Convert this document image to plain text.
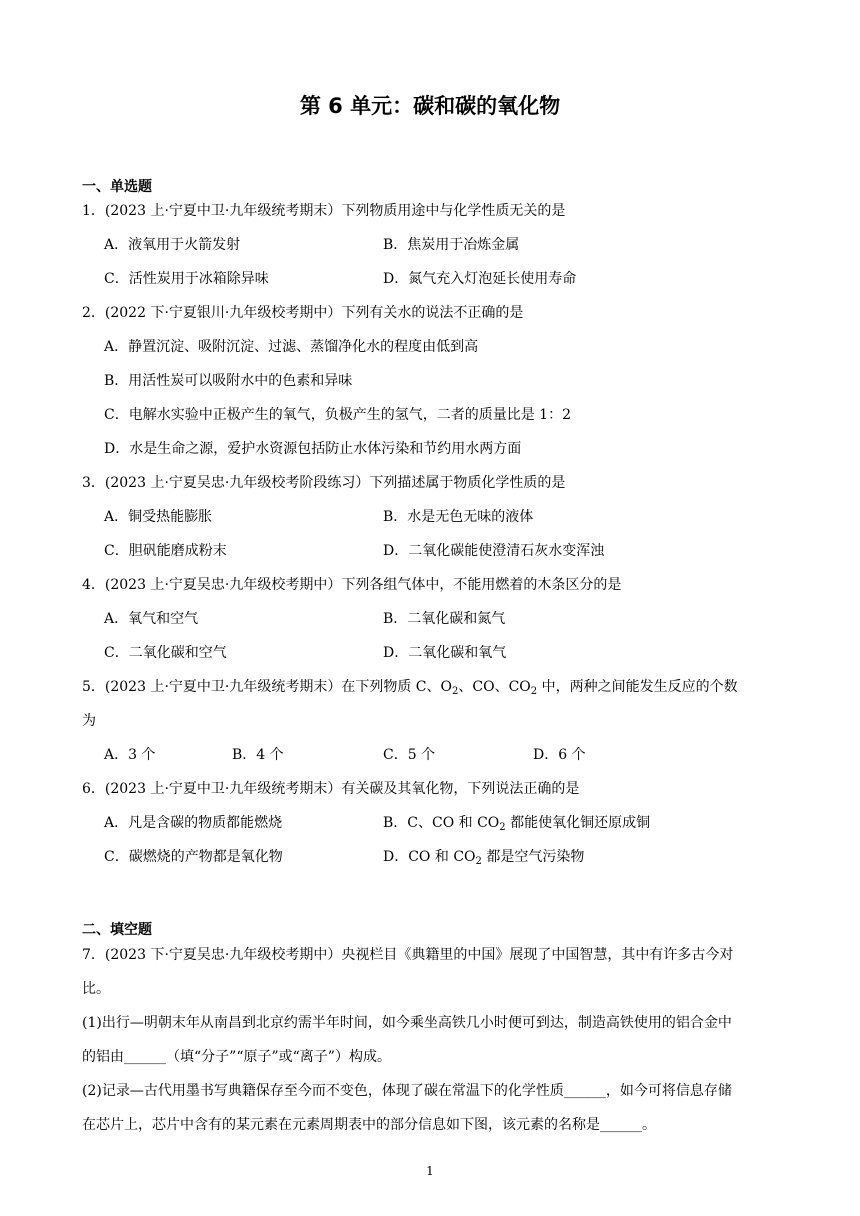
第 6 单元：碳和碳的氧化物
一、单选题
1．(2023 上·宁夏中卫·九年级统考期末）下列物质用途中与化学性质无关的是
A．液氧用于火箭发射	B．焦炭用于冶炼金属
C．活性炭用于冰箱除异味	D．氮气充入灯泡延长使用寿命
2．(2022 下·宁夏银川·九年级校考期中）下列有关水的说法不正确的是
A．静置沉淀、吸附沉淀、过滤、蒸馏净化水的程度由低到高
B．用活性炭可以吸附水中的色素和异味
C．电解水实验中正极产生的氧气，负极产生的氢气，二者的质量比是 1：2
D．水是生命之源，爱护水资源包括防止水体污染和节约用水两方面
3．(2023 上·宁夏吴忠·九年级校考阶段练习）下列描述属于物质化学性质的是
A．铜受热能膨胀	B．水是无色无味的液体
C．胆矾能磨成粉末	D．二氧化碳能使澄清石灰水变浑浊
4．(2023 上·宁夏吴忠·九年级校考期中）下列各组气体中，不能用燃着的木条区分的是
A．氧气和空气	B．二氧化碳和氮气
C．二氧化碳和空气	D．二氧化碳和氧气
5．(2023 上·宁夏中卫·九年级统考期末）在下列物质 C、$O_2$、CO、$CO_2$ 中，两种之间能发生反应的个数
为
A．3 个	B．4 个	C．5 个	D．6 个
6．(2023 上·宁夏中卫·九年级统考期末）有关碳及其氧化物，下列说法正确的是
A．凡是含碳的物质都能燃烧	B．C、CO 和 $CO_2$ 都能使氧化铜还原成铜
C．碳燃烧的产物都是氧化物	D．CO 和 $CO_2$ 都是空气污染物
二、填空题
7．(2023 下·宁夏吴忠·九年级校考期中）央视栏目《典籍里的中国》展现了中国智慧，其中有许多古今对
比。
(1)出行—明朝末年从南昌到北京约需半年时间，如今乘坐高铁几小时便可到达，制造高铁使用的铝合金中
的铝由______（填“分子”“原子”或“离子”）构成。
(2)记录—古代用墨书写典籍保存至今而不变色，体现了碳在常温下的化学性质______，如今可将信息存储
在芯片上，芯片中含有的某元素在元素周期表中的部分信息如下图，该元素的名称是______。
1
